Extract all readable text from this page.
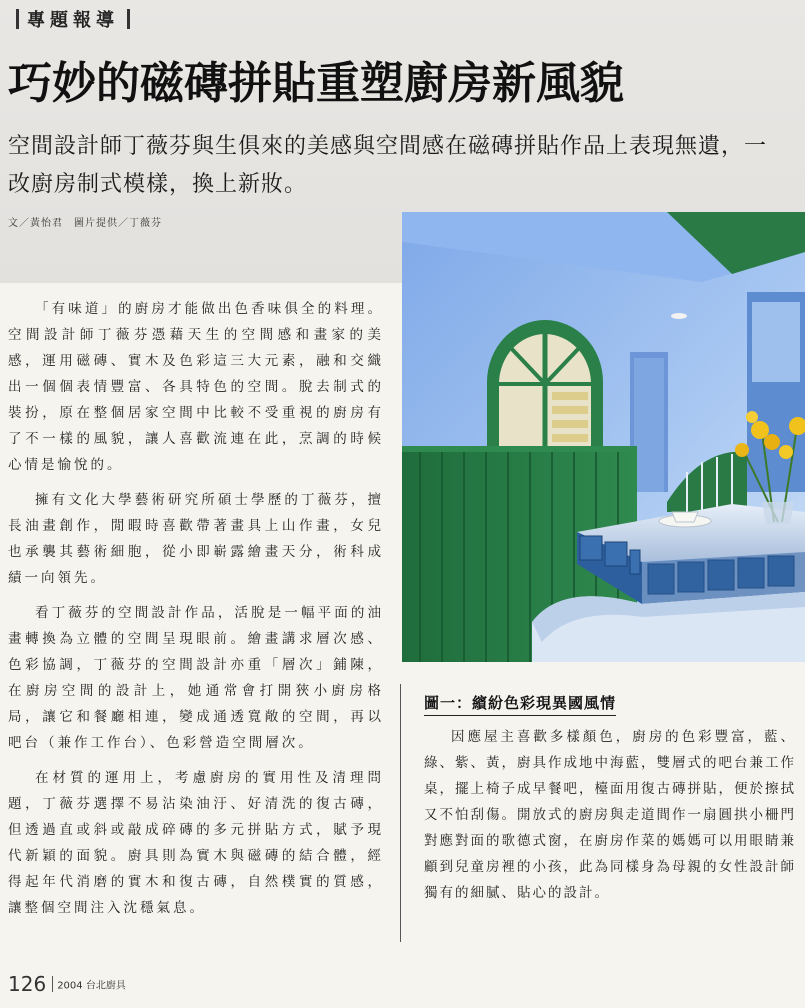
專題報導
巧妙的磁磚拼貼重塑廚房新風貌

空間設計師丁薇芬與生俱來的美感與空間感在磁磚拼貼作品上表現無遺，一改廚房制式模樣，換上新妝。

文／黃怡君　圖片提供／丁薇芬

「有味道」的廚房才能做出色香味俱全的料理。空間設計師丁薇芬憑藉天生的空間感和畫家的美感，運用磁磚、實木及色彩這三大元素，融和交織出一個個表情豐富、各具特色的空間。脫去制式的裝扮，原在整個居家空間中比較不受重視的廚房有了不一樣的風貌，讓人喜歡流連在此，烹調的時候心情是愉悅的。

擁有文化大學藝術研究所碩士學歷的丁薇芬，擅長油畫創作，閒暇時喜歡帶著畫具上山作畫，女兒也承襲其藝術細胞，從小即嶄露繪畫天分，術科成績一向領先。

看丁薇芬的空間設計作品，活脫是一幅平面的油畫轉換為立體的空間呈現眼前。繪畫講求層次感、色彩協調，丁薇芬的空間設計亦重「層次」鋪陳，在廚房空間的設計上，她通常會打開狹小廚房格局，讓它和餐廳相連，變成通透寬敞的空間，再以吧台（兼作工作台）、色彩營造空間層次。

在材質的運用上，考慮廚房的實用性及清理問題，丁薇芬選擇不易沾染油汙、好清洗的復古磚，但透過直或斜或敲成碎磚的多元拼貼方式，賦予現代新穎的面貌。廚具則為實木與磁磚的結合體，經得起年代消磨的實木和復古磚，自然樸實的質感，讓整個空間注入沈穩氣息。

圖一：繽紛色彩現異國風情

因應屋主喜歡多樣顏色，廚房的色彩豐富，藍、綠、紫、黃，廚具作成地中海藍，雙層式的吧台兼工作桌，擺上椅子成早餐吧，檯面用復古磚拼貼，便於擦拭又不怕刮傷。開放式的廚房與走道間作一扇圓拱小柵門對應對面的歌德式窗，在廚房作菜的媽媽可以用眼睛兼顧到兒童房裡的小孩，此為同樣身為母親的女性設計師獨有的細膩、貼心的設計。

126 2004 台北廚具
